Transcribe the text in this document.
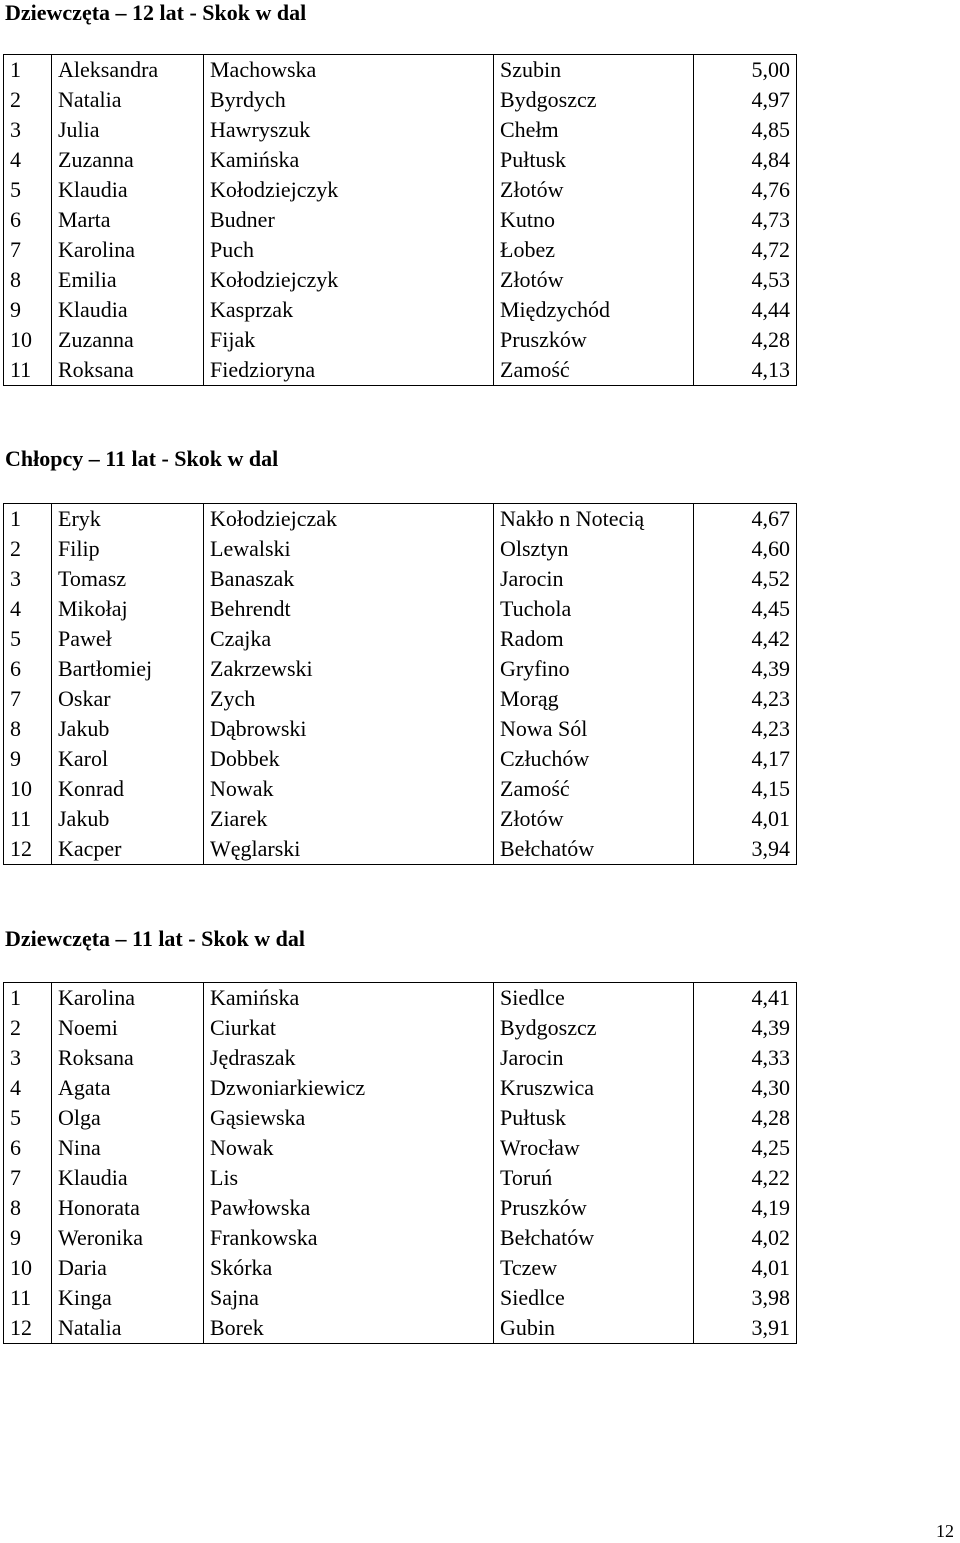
Dziewczęta – 12 lat - Skok w dal
1	Aleksandra	Machowska	Szubin	5,00
2	Natalia	Byrdych	Bydgoszcz	4,97
3	Julia	Hawryszuk	Chełm	4,85
4	Zuzanna	Kamińska	Pułtusk	4,84
5	Klaudia	Kołodziejczyk	Złotów	4,76
6	Marta	Budner	Kutno	4,73
7	Karolina	Puch	Łobez	4,72
8	Emilia	Kołodziejczyk	Złotów	4,53
9	Klaudia	Kasprzak	Międzychód	4,44
10	Zuzanna	Fijak	Pruszków	4,28
11	Roksana	Fiedzioryna	Zamość	4,13
Chłopcy – 11 lat - Skok w dal
1	Eryk	Kołodziejczak	Nakło n Notecią	4,67
2	Filip	Lewalski	Olsztyn	4,60
3	Tomasz	Banaszak	Jarocin	4,52
4	Mikołaj	Behrendt	Tuchola	4,45
5	Paweł	Czajka	Radom	4,42
6	Bartłomiej	Zakrzewski	Gryfino	4,39
7	Oskar	Zych	Morąg	4,23
8	Jakub	Dąbrowski	Nowa Sól	4,23
9	Karol	Dobbek	Człuchów	4,17
10	Konrad	Nowak	Zamość	4,15
11	Jakub	Ziarek	Złotów	4,01
12	Kacper	Węglarski	Bełchatów	3,94
Dziewczęta – 11 lat - Skok w dal
1	Karolina	Kamińska	Siedlce	4,41
2	Noemi	Ciurkat	Bydgoszcz	4,39
3	Roksana	Jędraszak	Jarocin	4,33
4	Agata	Dzwoniarkiewicz	Kruszwica	4,30
5	Olga	Gąsiewska	Pułtusk	4,28
6	Nina	Nowak	Wrocław	4,25
7	Klaudia	Lis	Toruń	4,22
8	Honorata	Pawłowska	Pruszków	4,19
9	Weronika	Frankowska	Bełchatów	4,02
10	Daria	Skórka	Tczew	4,01
11	Kinga	Sajna	Siedlce	3,98
12	Natalia	Borek	Gubin	3,91
12
